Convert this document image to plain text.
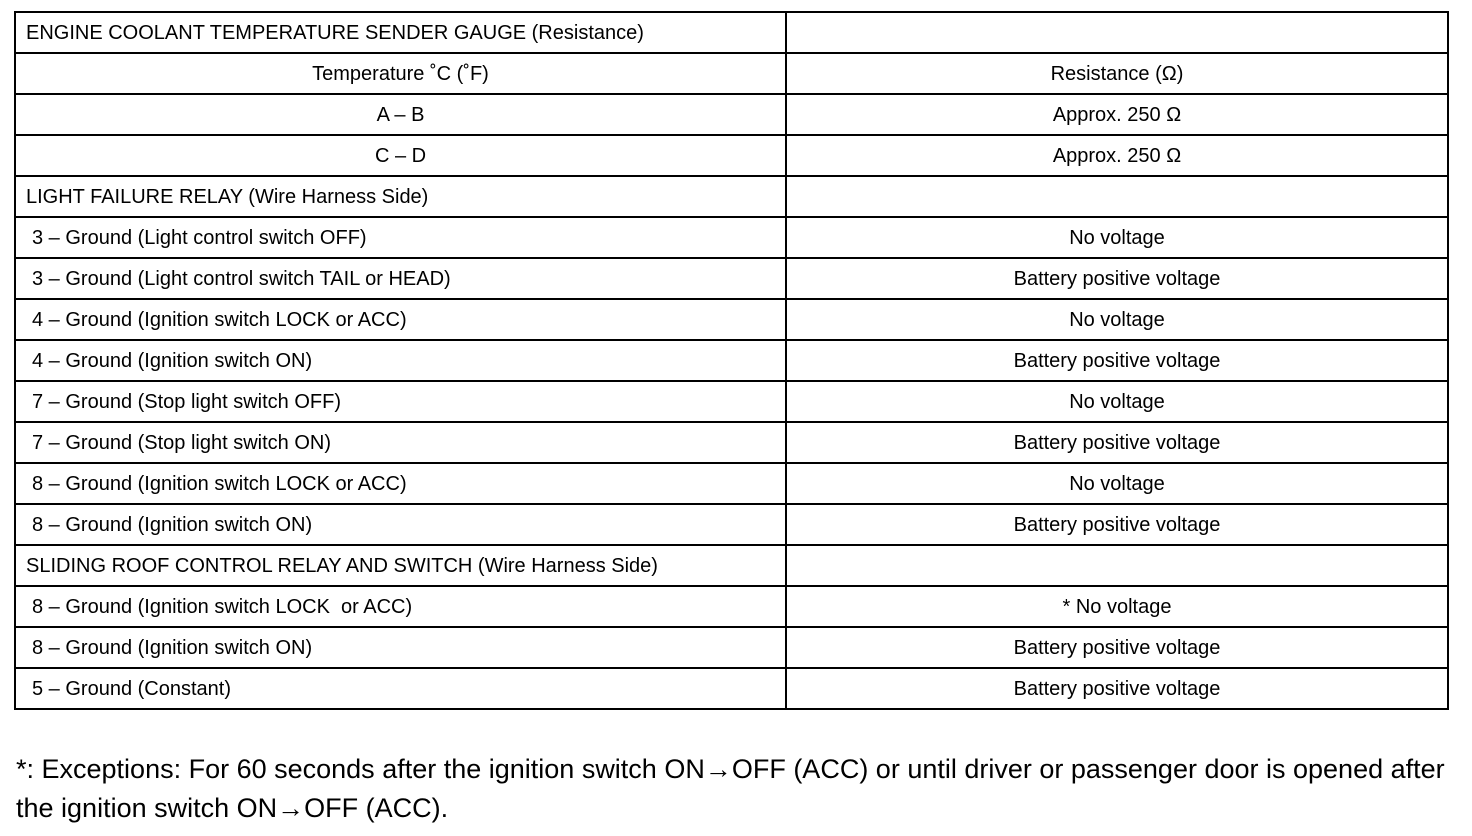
ENGINE COOLANT TEMPERATURE SENDER GAUGE (Resistance)	
Temperature ˚C (˚F)	Resistance (Ω)
A – B	Approx. 250 Ω
C – D	Approx. 250 Ω
LIGHT FAILURE RELAY (Wire Harness Side)	
3 – Ground (Light control switch OFF)	No voltage
3 – Ground (Light control switch TAIL or HEAD)	Battery positive voltage
4 – Ground (Ignition switch LOCK or ACC)	No voltage
4 – Ground (Ignition switch ON)	Battery positive voltage
7 – Ground (Stop light switch OFF)	No voltage
7 – Ground (Stop light switch ON)	Battery positive voltage
8 – Ground (Ignition switch LOCK or ACC)	No voltage
8 – Ground (Ignition switch ON)	Battery positive voltage
SLIDING ROOF CONTROL RELAY AND SWITCH (Wire Harness Side)	
8 – Ground (Ignition switch LOCK  or ACC)	* No voltage
8 – Ground (Ignition switch ON)	Battery positive voltage
5 – Ground (Constant)	Battery positive voltage
*: Exceptions: For 60 seconds after the ignition switch ON→OFF (ACC) or until driver or passenger door is opened after the ignition switch ON→OFF (ACC).
